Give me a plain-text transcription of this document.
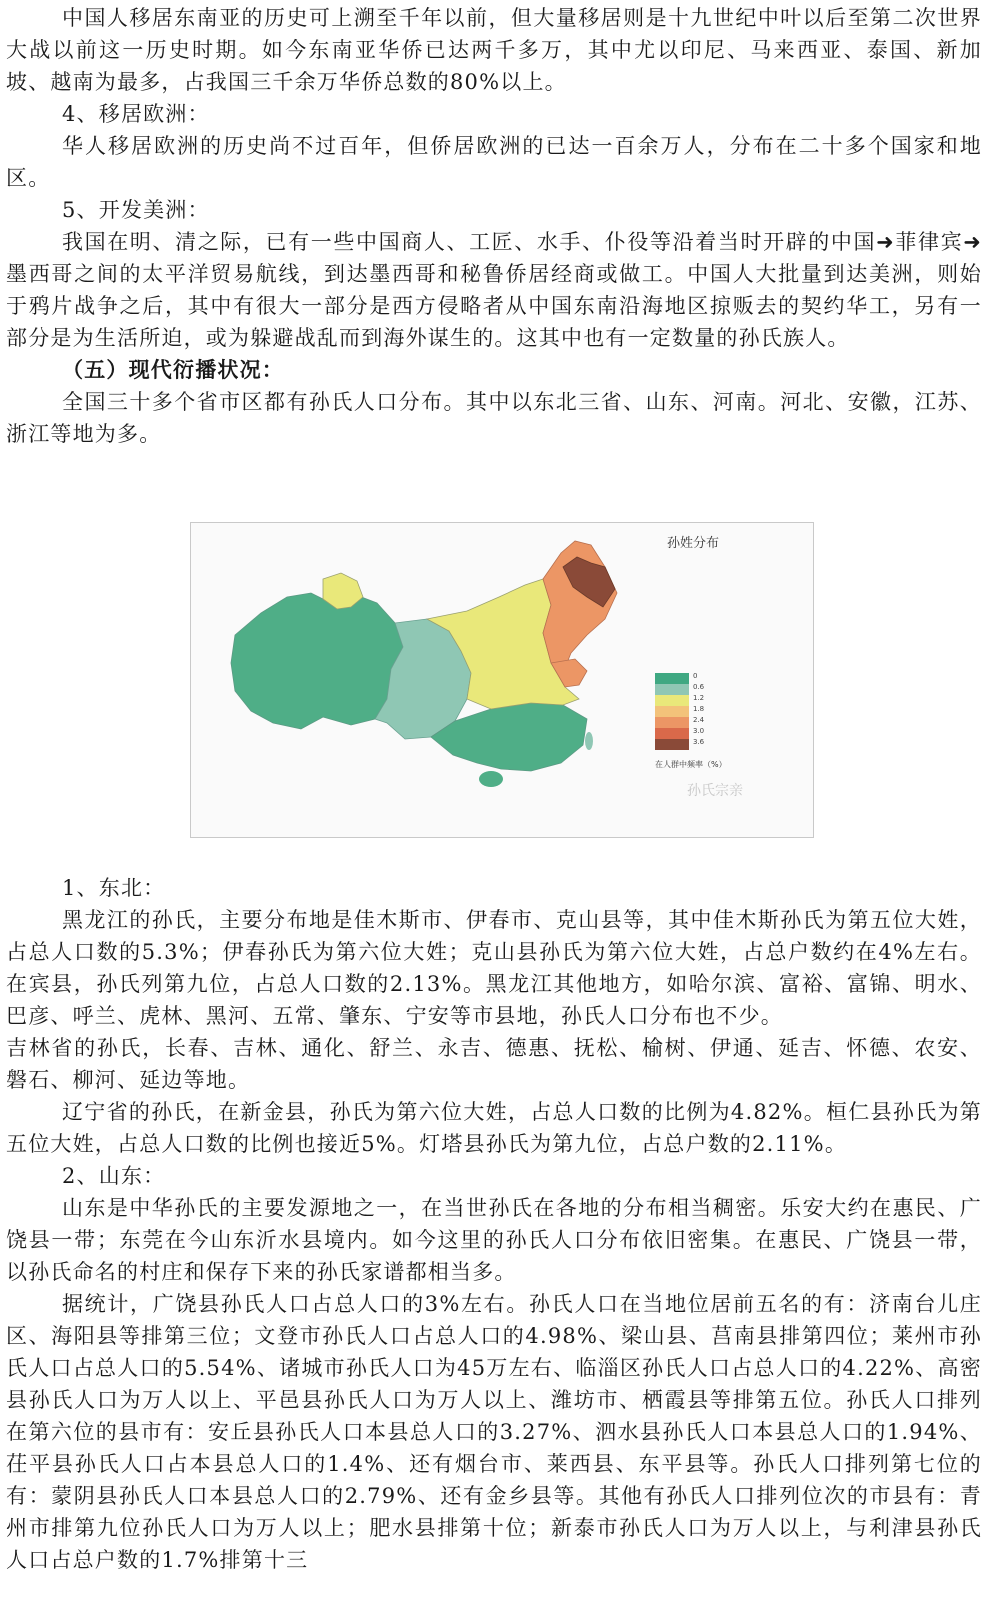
中国人移居东南亚的历史可上溯至千年以前，但大量移居则是十九世纪中叶以后至第二次世界大战以前这一历史时期。如今东南亚华侨已达两千多万，其中尤以印尼、马来西亚、泰国、新加坡、越南为最多，占我国三千余万华侨总数的80%以上。

4、移居欧洲：

华人移居欧洲的历史尚不过百年，但侨居欧洲的已达一百余万人，分布在二十多个国家和地区。

5、开发美洲：

我国在明、清之际，已有一些中国商人、工匠、水手、仆役等沿着当时开辟的中国➜菲律宾➜墨西哥之间的太平洋贸易航线，到达墨西哥和秘鲁侨居经商或做工。中国人大批量到达美洲，则始于鸦片战争之后，其中有很大一部分是西方侵略者从中国东南沿海地区掠贩去的契约华工，另有一部分是为生活所迫，或为躲避战乱而到海外谋生的。这其中也有一定数量的孙氏族人。

（五）现代衍播状况：

全国三十多个省市区都有孙氏人口分布。其中以东北三省、山东、河南。河北、安徽，江苏、浙江等地为多。

孙姓分布
0
0.6
1.2
1.8
2.4
3.0
3.6
在人群中频率（%）
孙氏宗亲

1、东北：

黑龙江的孙氏，主要分布地是佳木斯市、伊春市、克山县等，其中佳木斯孙氏为第五位大姓，占总人口数的5.3%；伊春孙氏为第六位大姓；克山县孙氏为第六位大姓，占总户数约在4%左右。在宾县，孙氏列第九位，占总人口数的2.13%。黑龙江其他地方，如哈尔滨、富裕、富锦、明水、巴彦、呼兰、虎林、黑河、五常、肇东、宁安等市县地，孙氏人口分布也不少。

吉林省的孙氏，长春、吉林、通化、舒兰、永吉、德惠、抚松、榆树、伊通、延吉、怀德、农安、磐石、柳河、延边等地。

辽宁省的孙氏，在新金县，孙氏为第六位大姓，占总人口数的比例为4.82%。桓仁县孙氏为第五位大姓，占总人口数的比例也接近5%。灯塔县孙氏为第九位，占总户数的2.11%。

2、山东：

山东是中华孙氏的主要发源地之一，在当世孙氏在各地的分布相当稠密。乐安大约在惠民、广饶县一带；东莞在今山东沂水县境内。如今这里的孙氏人口分布依旧密集。在惠民、广饶县一带，以孙氏命名的村庄和保存下来的孙氏家谱都相当多。

据统计，广饶县孙氏人口占总人口的3%左右。孙氏人口在当地位居前五名的有：济南台儿庄区、海阳县等排第三位；文登市孙氏人口占总人口的4.98%、梁山县、莒南县排第四位；莱州市孙氏人口占总人口的5.54%、诸城市孙氏人口为45万左右、临淄区孙氏人口占总人口的4.22%、高密县孙氏人口为万人以上、平邑县孙氏人口为万人以上、潍坊市、栖霞县等排第五位。孙氏人口排列在第六位的县市有：安丘县孙氏人口本县总人口的3.27%、泗水县孙氏人口本县总人口的1.94%、茌平县孙氏人口占本县总人口的1.4%、还有烟台市、莱西县、东平县等。孙氏人口排列第七位的有：蒙阴县孙氏人口本县总人口的2.79%、还有金乡县等。其他有孙氏人口排列位次的市县有：青州市排第九位孙氏人口为万人以上；肥水县排第十位；新泰市孙氏人口为万人以上，与利津县孙氏人口占总户数的1.7%排第十三
